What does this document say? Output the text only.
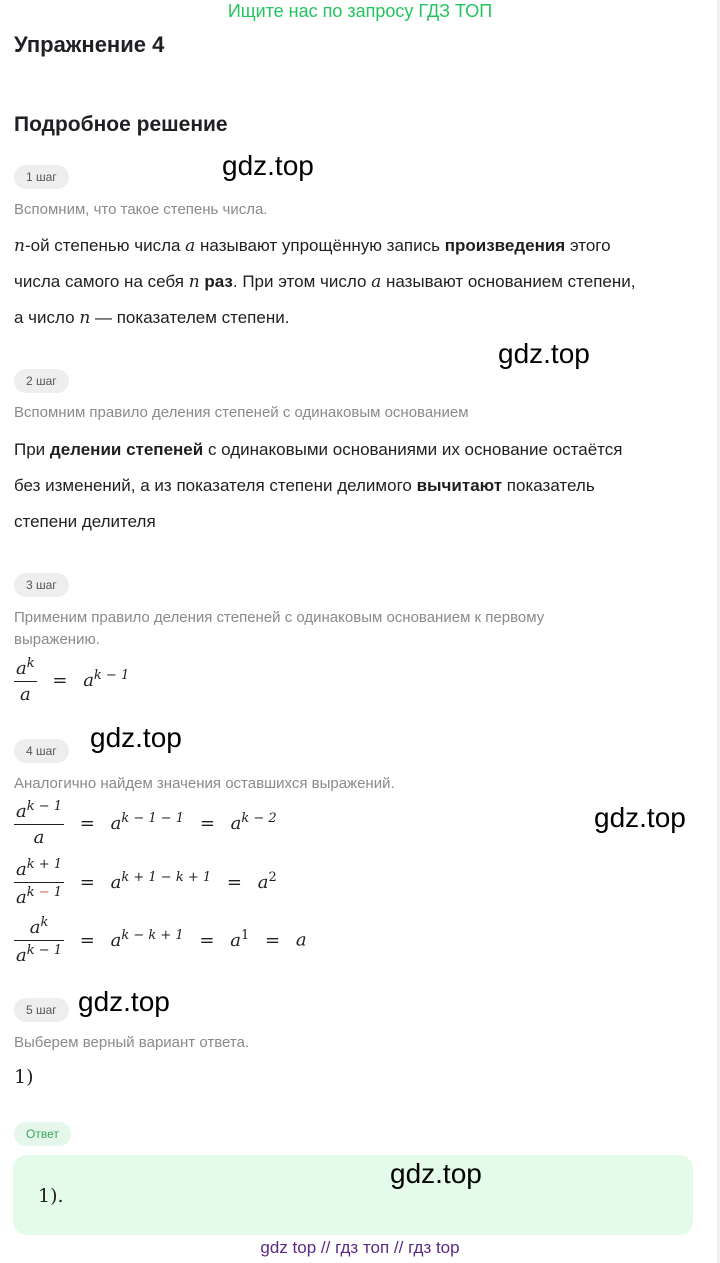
Ищите нас по запросу ГДЗ ТОП
Упражнение 4
Подробное решение
1 шаг	gdz.top
Вспомним, что такое степень числа.
n-ой степенью числа a называют упрощённую запись произведения этого
числа самого на себя n раз. При этом число a называют основанием степени,
а число n — показателем степени.
gdz.top
2 шаг
Вспомним правило деления степеней с одинаковым основанием
При делении степеней с одинаковыми основаниями их основание остаётся
без изменений, а из показателя степени делимого вычитают показатель
степени делителя
3 шаг
Применим правило деления степеней с одинаковым основанием к первому
выражению.
$\frac{a^k}{a} = a^{k - 1}$
4 шаг	gdz.top
Аналогично найдем значения оставшихся выражений.
gdz.top
$\frac{a^{k - 1}}{a} = a^{k - 1 - 1} = a^{k - 2}$
$\frac{a^{k + 1}}{a^{k - 1}} = a^{k + 1 - k + 1} = a^2$
$\frac{a^k}{a^{k - 1}} = a^{k - k + 1} = a^1 = a$
5 шаг gdz.top
Выберем верный вариант ответа.
1)
Ответ
1).
gdz.top
gdz top // гдз топ // гдз top
